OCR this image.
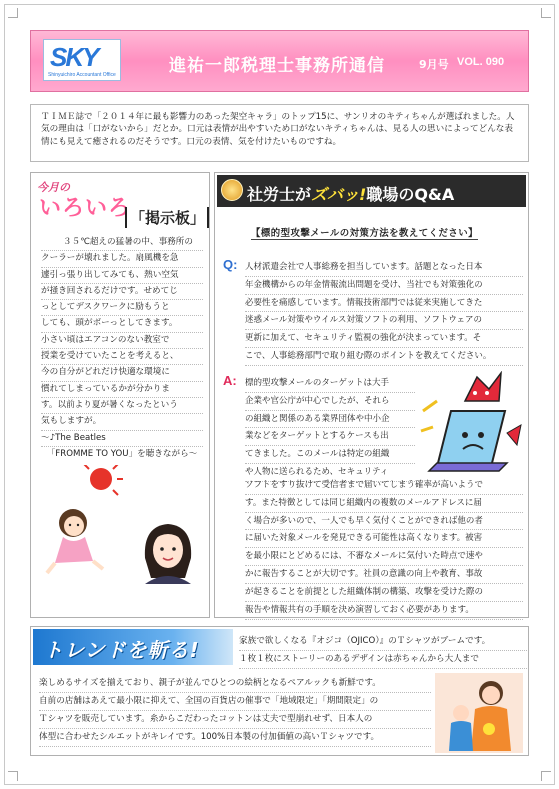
SKY
Shinyuichiro Accountant Office	進祐一郎税理士事務所通信	9月号 VOL. 090

ＴＩＭＥ誌で「２０１４年に最も影響力のあった架空キャラ」のトップ15に、サンリオのキティちゃんが選ばれました。人気の理由は「口がないから」だとか。口元は表情が出やすいため口がないキティちゃんは、見る人の思いによってどんな表情にも見えて癒されるのだそうです。口元の表情、気を付けたいものですね。

今月の
いろいろ
「掲示板」
３５℃超えの猛暑の中、事務所の
クーラーが壊れました。扇風機を急
遽引っ張り出してみても、熱い空気
が掻き回されるだけです。せめてじ
っとしてデスクワークに励もうと
しても、頭がボーっとしてきます。
小さい頃はエアコンのない教室で
授業を受けていたことを考えると、
今の自分がどれだけ快適な環境に
慣れてしまっているかが分かりま
す。以前より夏が暑くなったという
気もしますが。
～♪The Beatles
「FROMME TO YOU」を聴きながら～
社労士がズバッ!職場のQ&A
【標的型攻撃メールの対策方法を教えてください】
Q: 人材派遣会社で人事総務を担当しています。話題となった日本
年金機構からの年金情報流出問題を受け、当社でも対策強化の
必要性を痛感しています。情報技術部門では従来実施してきた
迷惑メール対策やウイルス対策ソフトの利用、ソフトウェアの
更新に加えて、セキュリティ監視の強化が決まっています。そ
こで、人事総務部門で取り組む際のポイントを教えてください。
A: 標的型攻撃メールのターゲットは大手
企業や官公庁が中心でしたが、それら
の組織と関係のある業界団体や中小企
業などをターゲットとするケースも出
てきました。このメールは特定の組織
や人物に送られるため、セキュリティ
ソフトをすり抜けて受信者まで届いてしまう確率が高いようで
す。また特徴としては同じ組織内の複数のメールアドレスに届
く場合が多いので、一人でも早く気付くことができれば他の者
に届いた対象メールを発見できる可能性は高くなります。被害
を最小限にとどめるには、不審なメールに気付いた時点で速や
かに報告することが大切です。社員の意識の向上や教育、事故
が起きることを前提とした組織体制の構築、攻撃を受けた際の
報告や情報共有の手順を決め演習しておく必要があります。
トレンドを斬る!	家族で欲しくなる『オジコ（OJICO）』のＴシャツがブームです。
１枚１枚にストーリーのあるデザインは赤ちゃんから大人まで
楽しめるサイズを揃えており、親子が並んでひとつの絵柄となるペアルックも新鮮です。
自前の店舗はあえて最小限に抑えて、全国の百貨店の催事で「地域限定」「期間限定」の
Ｔシャツを販売しています。糸からこだわったコットンは丈夫で型崩れせず、日本人の
体型に合わせたシルエットがキレイです。100%日本製の付加価値の高いＴシャツです。
